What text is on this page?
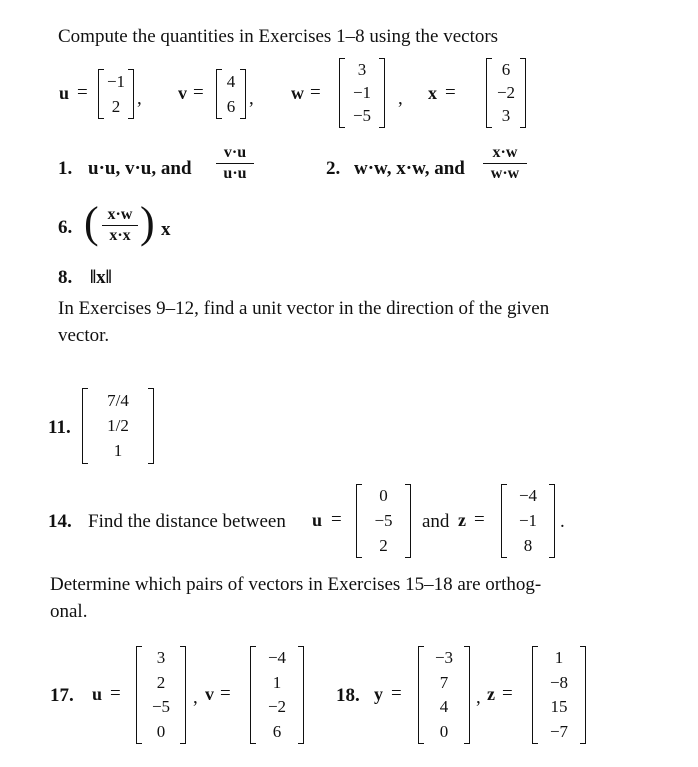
Compute the quantities in Exercises 1–8 using the vectors
u =
−1
2 , v =
4
6 , w =
3
−1
−5
, x =
6
−2
3
1. u·u, v·u, and
v·u
u·u	2. w·w, x·w, and
x·w
w·w
6. ( x·w
x·x ) x
8. ‖x‖
In Exercises 9–12, find a unit vector in the direction of the given
vector.
11.
7/4
1/2
1
14. Find the distance between u =
0
−5
2
and z =
−4
−1
8
.
Determine which pairs of vectors in Exercises 15–18 are orthog-
onal.
17. u =
3
2
−5
0
, v =
−4
1
−2
6
18. y =
−3
7
4
0
, z =
1
−8
15
−7
